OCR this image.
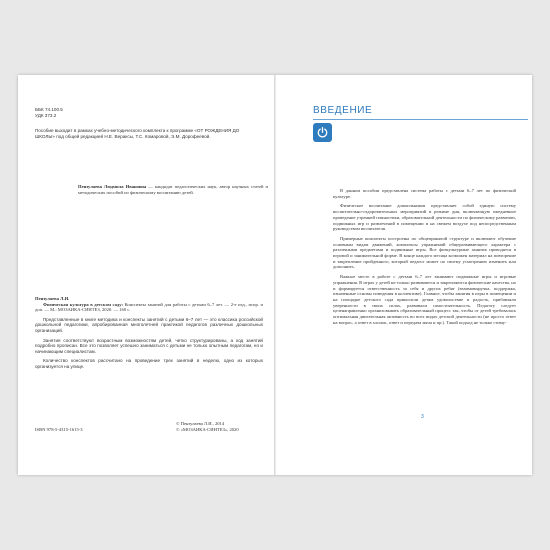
ББК 74.100.5
УДК 373.2
Пособие выходит в рамках учебно-методического комплекта к программе «ОТ РОЖДЕНИЯ ДО ШКОЛЫ» под общей редакцией Н.Е. Вераксы, Т.С. Комаровой, Э.М. Дорофеевой.
Пензулаева Людмила Ивановна — кандидат педагогических наук, автор научных статей и методических пособий по физическому воспитанию детей.
Пензулаева Л.И.
Физическая культура в детском саду: Конспекты занятий для работы с детьми 6–7 лет. — 2-е изд., испр. и доп. — М.: МОЗАИКА-СИНТЕЗ, 2020. — 160 с.
Представленные в книге методика и конспекты занятий с детьми 6–7 лет — это классика российской дошкольной педагогики, апробированная многолетней практикой педагогов различных дошкольных организаций.
Занятия соответствуют возрастным возможностям детей, четко структурированы, а ход занятий подробно прописан. Все это позволяет успешно заниматься с детьми не только опытным педагогам, но и начинающим специалистам.
Количество конспектов рассчитано на проведение трех занятий в неделю, одно из которых организуется на улице.
ISBN 978-5-4315-1615-3
© Пензулаева Л.И., 2014
© «МОЗАИКА-СИНТЕЗ», 2020
ВВЕДЕНИЕ

В данном пособии представлена система работы с детьми 6–7 лет по физической культуре.

Физическое воспитание дошкольников представляет собой единую систему воспитательно-оздоровительных мероприятий в режиме дня, включающую ежедневное проведение утренней гимнастики, образовательной деятельности по физическому развитию, подвижных игр и развлечений в помещении и на свежем воздухе под непосредственным руководством воспитателя.

Примерные конспекты построены по общепринятой структуре и включают обучение основным видам движений, комплексы упражнений общеразвивающего характера с различными предметами и подвижные игры. Все физкультурные занятия проводятся в игровой и занимательной форме. В конце каждого месяца козможен материал на повторение и закрепление пройденного, который педагог может по своему усмотрению изменить или дополнить.

Важное место в работе с детьми 6–7 лет занимают подвижные игры и игровые упражнения. В играх у детей не только развиваются и закрепляются физические качества, но и формируется ответственность за себя и других ребят (взаимовыручка, поддержка, изначенные основы поведения в коллективе). Главное, чтобы занятия в игры в помещении и на площадке детского сада приносили детям удовольствие и радость, прибавляли уверенности в своих силах, развивали самостоятельность. Педагогу следует целенаправленно организовывать образовательный процесс так, чтобы от детей требовалась оптимальная двигательная активность во всех видах детской деятельности (не просто ответ на вопрос, а ответ в хлопок, ответ и передача мяча и пр.). Такой подход не только стиму-

3
